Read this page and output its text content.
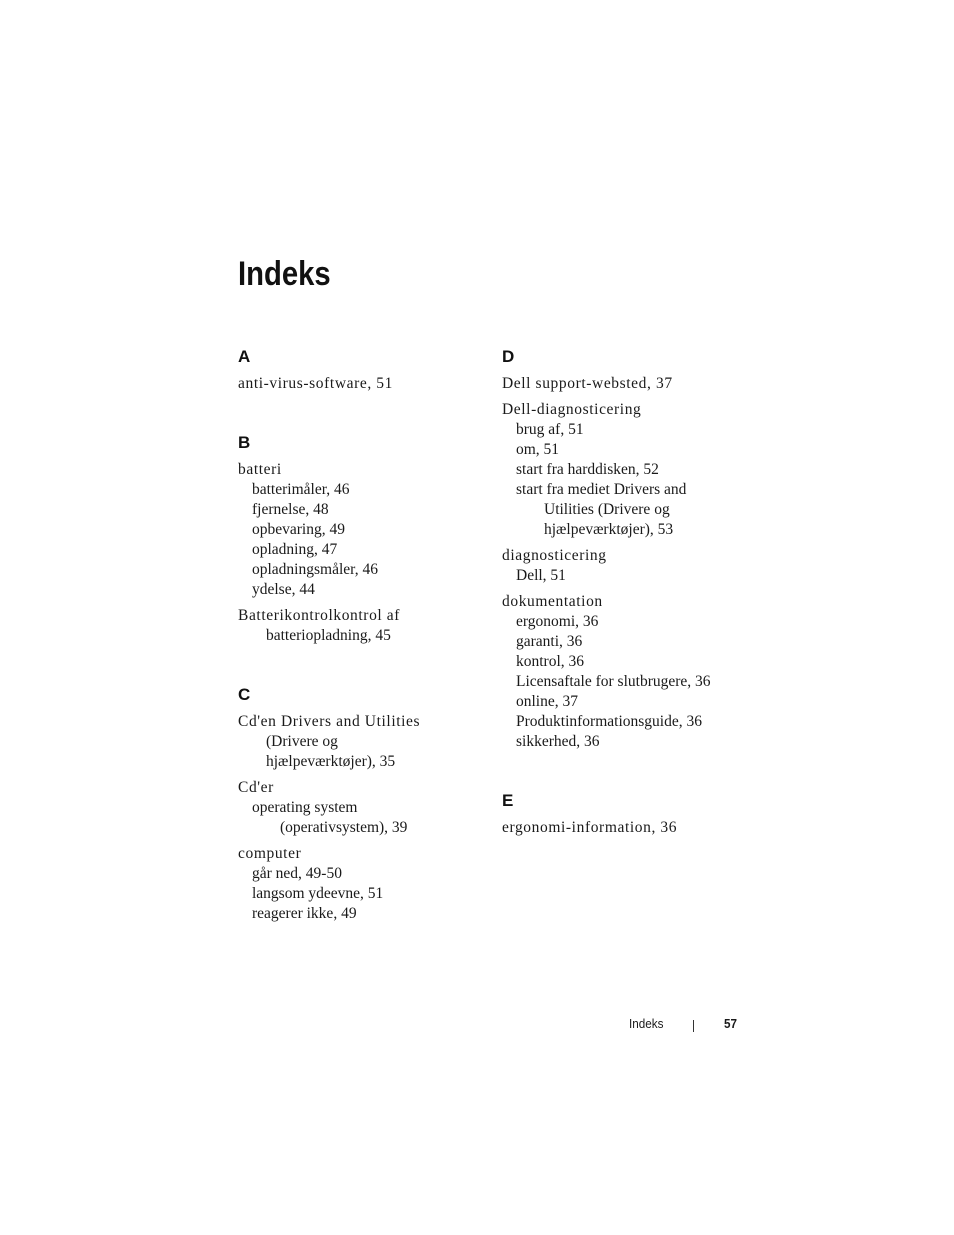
Indeks
A
anti-virus-software, 51
B
batteri
batterimåler, 46
fjernelse, 48
opbevaring, 49
opladning, 47
opladningsmåler, 46
ydelse, 44
Batterikontrolkontrol af
batteriopladning, 45
C
Cd'en Drivers and Utilities
(Drivere og
hjælpeværktøjer), 35
Cd'er
operating system
(operativsystem), 39
computer
går ned, 49-50
langsom ydeevne, 51
reagerer ikke, 49
D
Dell support-websted, 37
Dell-diagnosticering
brug af, 51
om, 51
start fra harddisken, 52
start fra mediet Drivers and
Utilities (Drivere og
hjælpeværktøjer), 53
diagnosticering
Dell, 51
dokumentation
ergonomi, 36
garanti, 36
kontrol, 36
Licensaftale for slutbrugere, 36
online, 37
Produktinformationsguide, 36
sikkerhed, 36
E
ergonomi-information, 36
Indeks	57
